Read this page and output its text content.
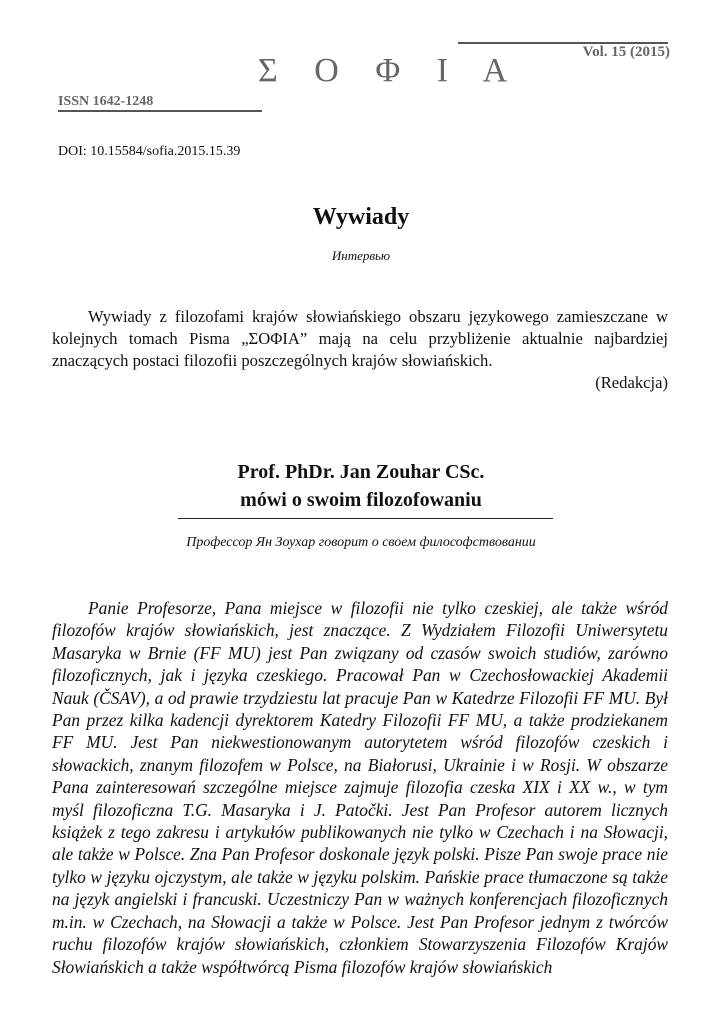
Vol. 15 (2015)
Σ Ο Φ Ι Α
ISSN 1642-1248
DOI: 10.15584/sofia.2015.15.39
Wywiady
Интервью

Wywiady z filozofami krajów słowiańskiego obszaru językowego zamieszczane w kolejnych tomach Pisma „ΣΟΦΙΑ” mają na celu przybliżenie aktualnie najbardziej znaczących postaci filozofii poszczególnych krajów słowiańskich.

(Redakcja)
Prof. PhDr. Jan Zouhar CSc.
mówi o swoim filozofowaniu
Профессор Ян Зоухар говорит о своем философствовании

Panie Profesorze, Pana miejsce w filozofii nie tylko czeskiej, ale także wśród filozofów krajów słowiańskich, jest znaczące. Z Wydziałem Filozofii Uniwersytetu Masaryka w Brnie (FF MU) jest Pan związany od czasów swoich studiów, zarówno filozoficznych, jak i języka czeskiego. Pracował Pan w Czechosłowackiej Akademii Nauk (ČSAV), a od prawie trzydziestu lat pracuje Pan w Katedrze Filozofii FF MU. Był Pan przez kilka kadencji dyrektorem Katedry Filozofii FF MU, a także prodziekanem FF MU. Jest Pan niekwestionowanym autorytetem wśród filozofów czeskich i słowackich, znanym filozofem w Polsce, na Białorusi, Ukrainie i w Rosji. W obszarze Pana zainteresowań szczególne miejsce zajmuje filozofia czeska XIX i XX w., w tym myśl filozoficzna T.G. Masaryka i J. Patočki. Jest Pan Profesor autorem licznych książek z tego zakresu i artykułów publikowanych nie tylko w Czechach i na Słowacji, ale także w Polsce. Zna Pan Profesor doskonale język polski. Pisze Pan swoje prace nie tylko w języku ojczystym, ale także w języku polskim. Pańskie prace tłumaczone są także na język angielski i francuski. Uczestniczy Pan w ważnych konferencjach filozoficznych m.in. w Czechach, na Słowacji a także w Polsce. Jest Pan Profesor jednym z twórców ruchu filozofów krajów słowiańskich, członkiem Stowarzyszenia Filozofów Krajów Słowiańskich a także współtwórcą Pisma filozofów krajów słowiańskich
